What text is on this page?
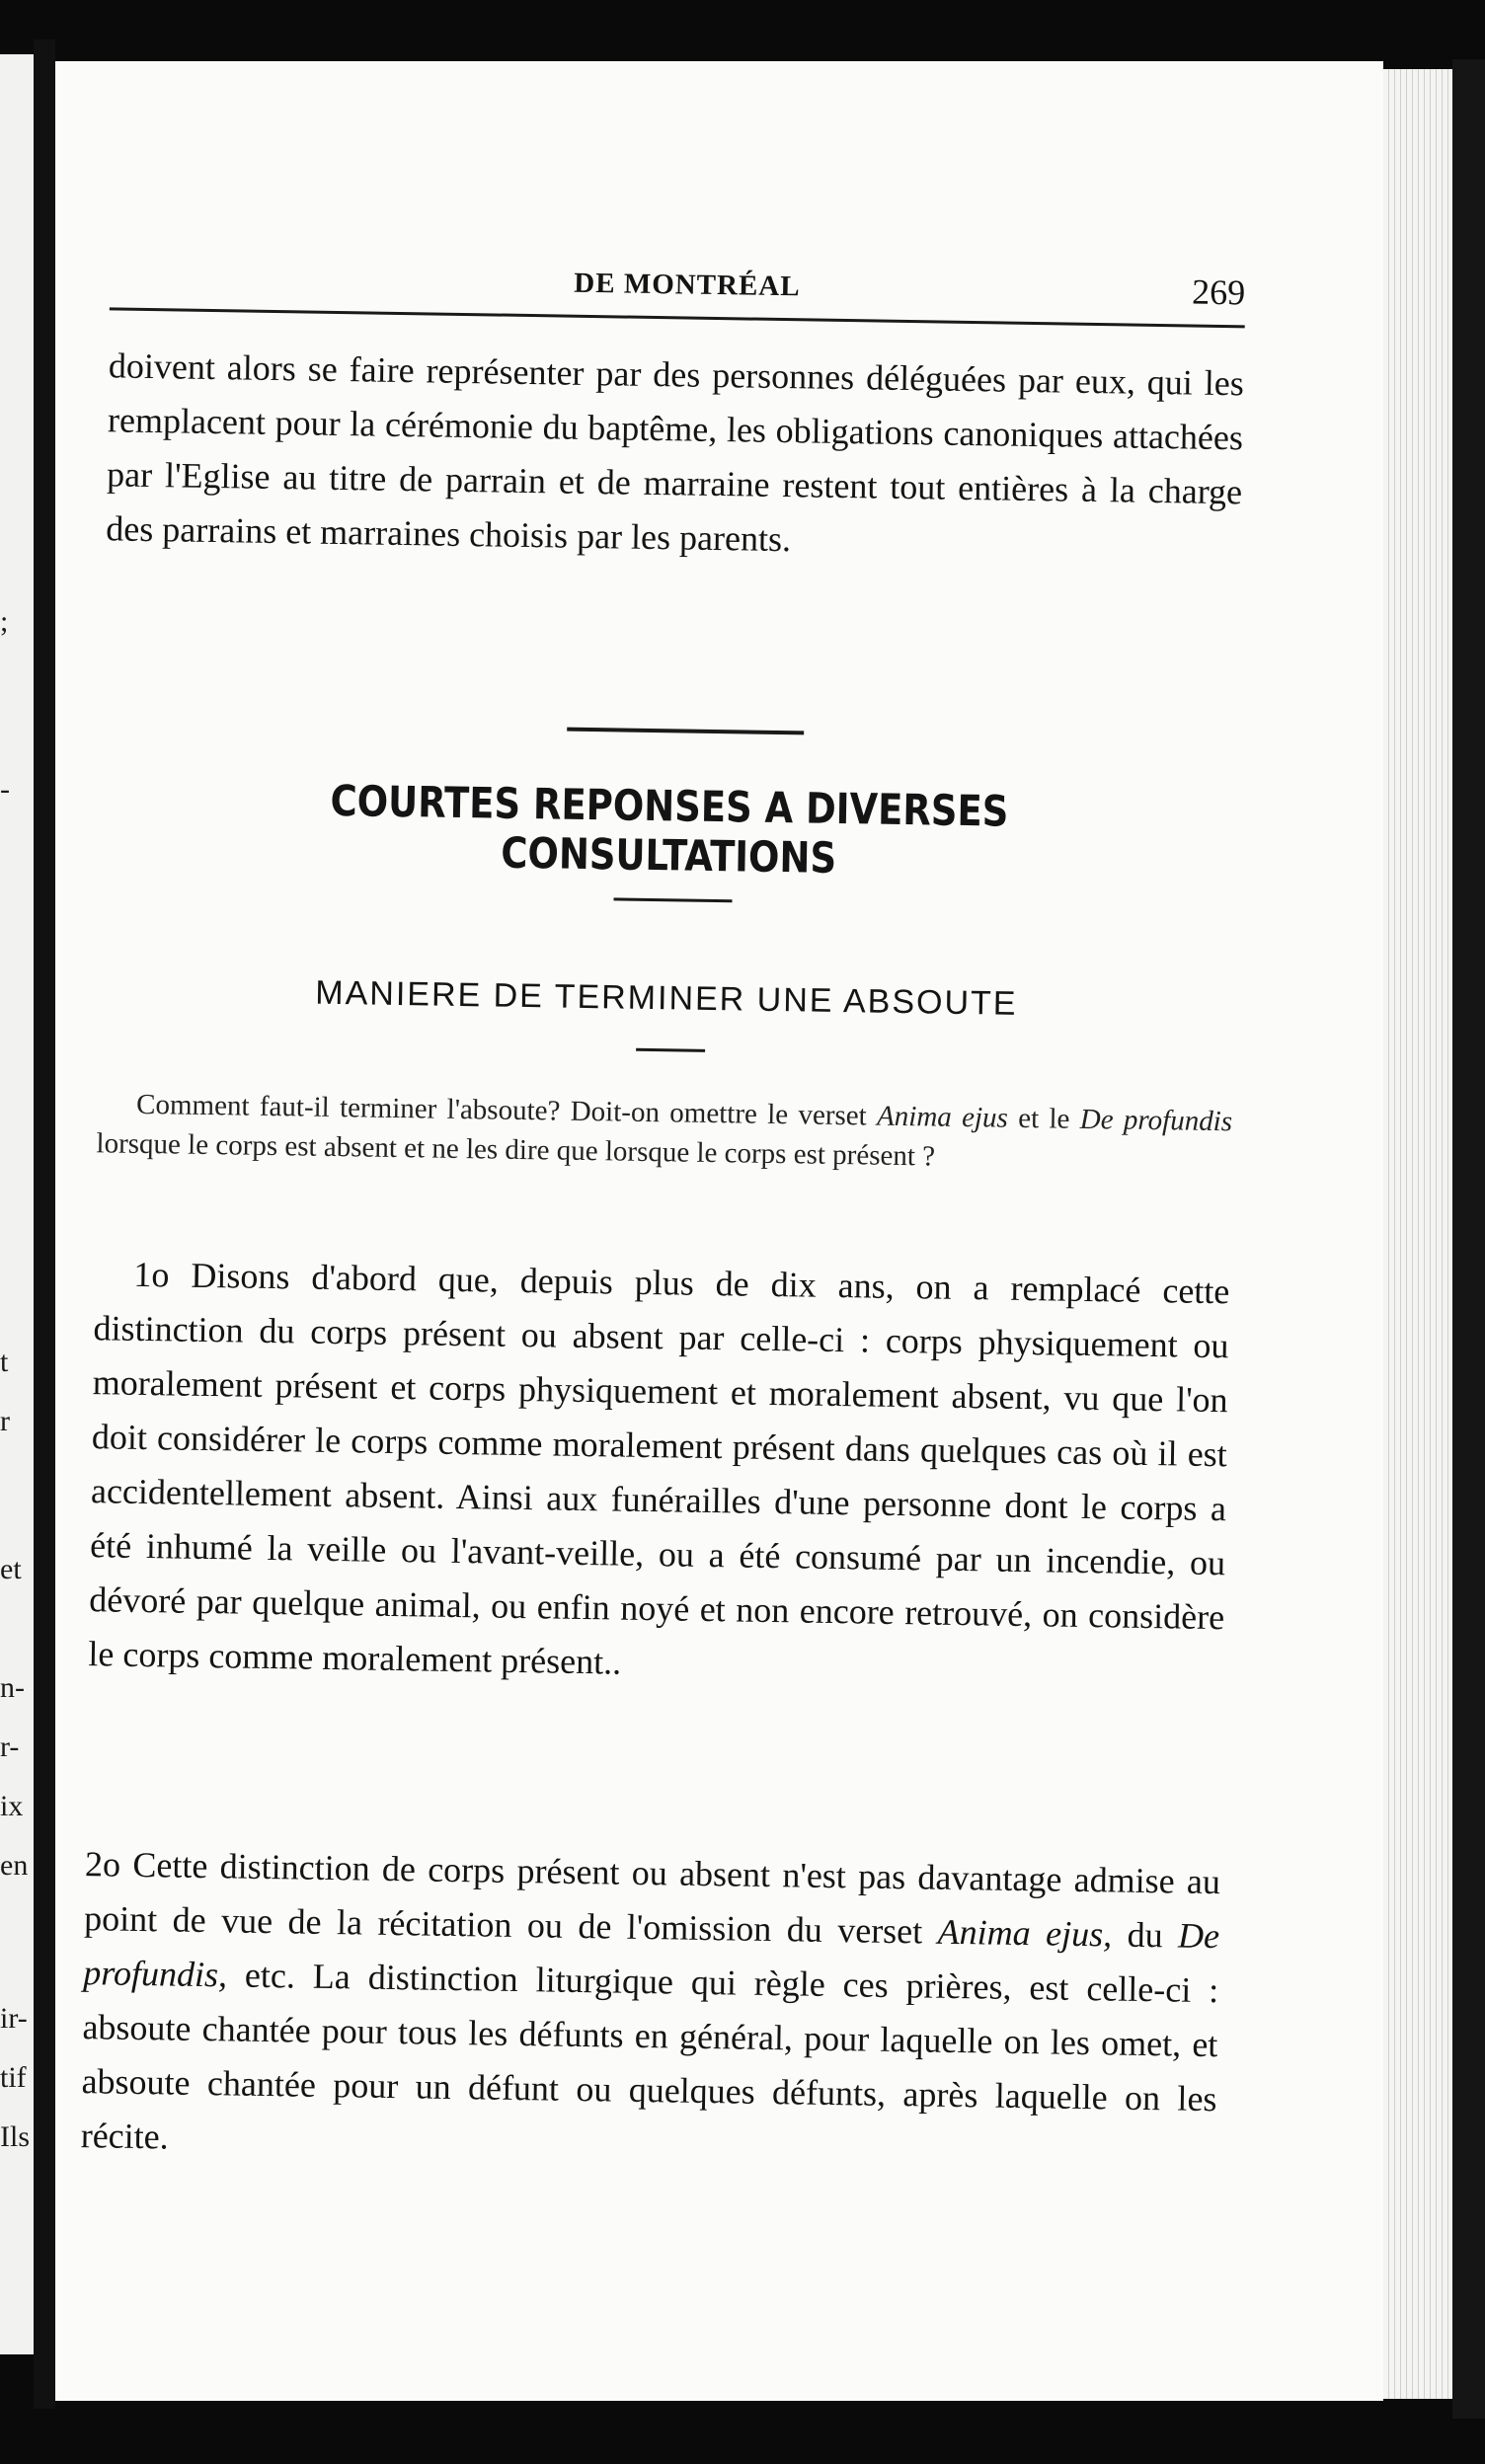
;
-
t
r
et
n-
r-
ix
en
ir-
tif
Ils
DE MONTRÉAL	269

doivent alors se faire représenter par des personnes déléguées par eux, qui les remplacent pour la cérémonie du baptême, les obligations canoniques attachées par l'Eglise au titre de parrain et de marraine restent tout entières à la charge des parrains et marraines choisis par les parents.

COURTES REPONSES A DIVERSES CONSULTATIONS
MANIERE DE TERMINER UNE ABSOUTE
Comment faut-il terminer l'absoute? Doit-on omettre le verset Anima ejus et le De profundis lorsque le corps est absent et ne les dire que lorsque le corps est présent ?

1o Disons d'abord que, depuis plus de dix ans, on a remplacé cette distinction du corps présent ou absent par celle-ci : corps physiquement ou moralement présent et corps physiquement et moralement absent, vu que l'on doit considérer le corps comme moralement présent dans quelques cas où il est accidentellement absent. Ainsi aux funérailles d'une personne dont le corps a été inhumé la veille ou l'avant-veille, ou a été consumé par un incendie, ou dévoré par quelque animal, ou enfin noyé et non encore retrouvé, on considère le corps comme moralement présent..

2o Cette distinction de corps présent ou absent n'est pas davantage admise au point de vue de la récitation ou de l'omission du verset Anima ejus, du De profundis, etc. La distinction liturgique qui règle ces prières, est celle-ci : absoute chantée pour tous les défunts en général, pour laquelle on les omet, et absoute chantée pour un défunt ou quelques défunts, après laquelle on les récite.
